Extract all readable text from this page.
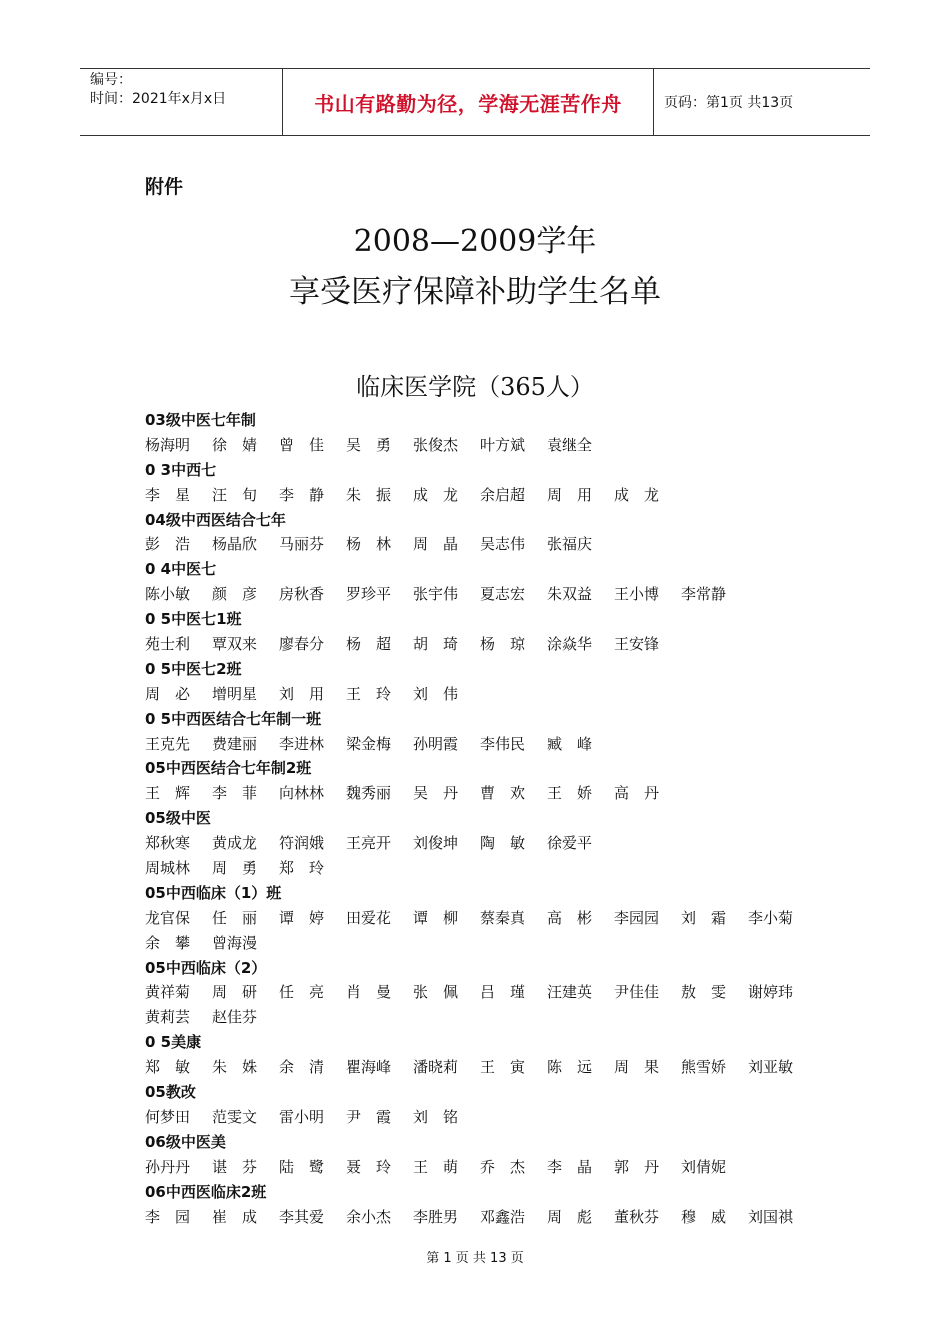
编号：
时间：2021年x月x日	书山有路勤为径，学海无涯苦作舟	页码：第1页 共13页
附件
2008—2009学年
享受医疗保障补助学生名单
临床医学院（365人）
03级中医七年制
杨海明 徐　婧 曾　佳 吴　勇 张俊杰 叶方斌 袁继全
0 3中西七
李　星 汪　旬 李　静 朱　振 成　龙 余启超 周　用 成　龙
04级中西医结合七年
彭　浩杨晶欣 马丽芬 杨　林 周　晶 吴志伟张福庆
0 4中医七
陈小敏 颜　彦 房秋香 罗珍平 张宇伟 夏志宏 朱双益 王小博 李常静
0 5中医七1班
苑士利 覃双来 廖春分 杨　超 胡　琦 杨　琼 涂焱华 王安锋
0 5中医七2班
周　必 增明星 刘　用 王　玲 刘　伟
0 5中西医结合七年制一班
王克先 费建丽 李进林 梁金梅 孙明霞 李伟民 臧　峰
05中西医结合七年制2班
王　辉 李　菲 向林林 魏秀丽 吴　丹 曹　欢 王　娇 高　丹
05级中医
郑秋寒 黄成龙 符润娥 王亮开 刘俊坤 陶　敏 徐爱平
周城林 周　勇 郑　玲
05中西临床（1）班
龙官保 任　丽 谭　婷 田爱花 谭　柳 蔡秦真 高　彬 李园园 刘　霜 李小菊
余　攀 曾海漫
05中西临床（2）
黄祥菊 周　研 任　亮 肖　曼 张　佩 吕　瑾 汪建英 尹佳佳 敖　雯 谢婷玮
黄莉芸 赵佳芬
0 5美康
郑　敏 朱　姝 余　清 瞿海峰 潘晓莉 王　寅 陈　远 周　果 熊雪娇 刘亚敏
05教改
何梦田 范雯文 雷小明 尹　霞 刘　铭
06级中医美
孙丹丹 谌　芬 陆　鹭 聂　玲 王　萌 乔　杰 李　晶 郭　丹 刘倩妮
06中西医临床2班
李　园 崔　成 李其爱 余小杰 李胜男 邓鑫浩 周　彪 董秋芬 穆　威 刘国祺
第 1 页 共 13 页
